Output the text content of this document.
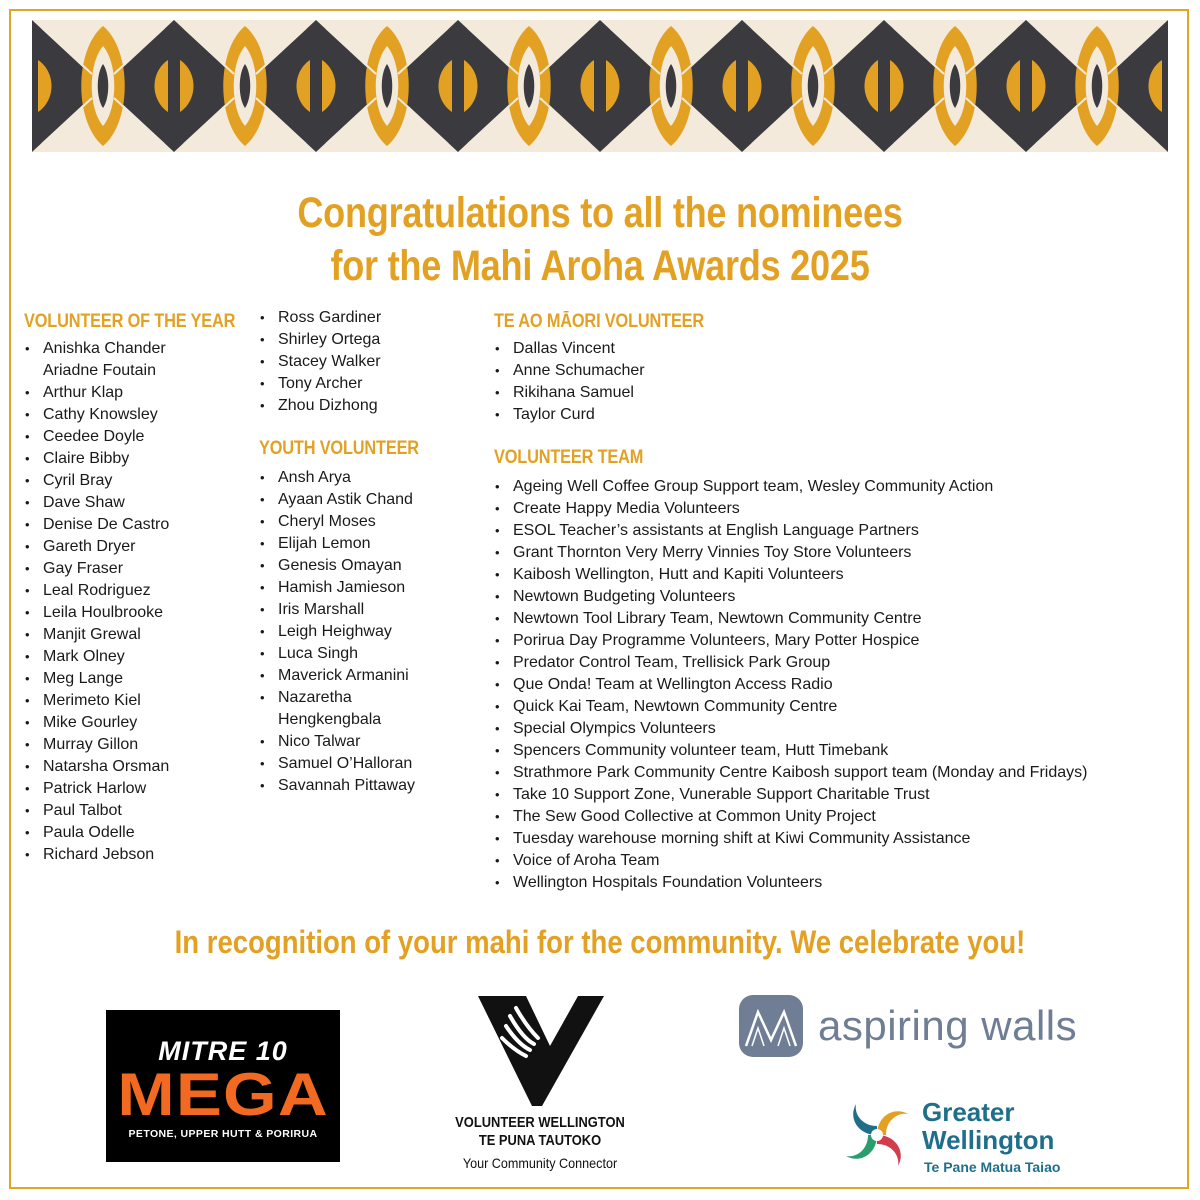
Congratulations to all the nominees
for the Mahi Aroha Awards 2025
VOLUNTEER OF THE YEAR
• Anishka Chander Ariadne Foutain
• Arthur Klap
• Cathy Knowsley
• Ceedee Doyle
• Claire Bibby
• Cyril Bray
• Dave Shaw
• Denise De Castro
• Gareth Dryer
• Gay Fraser
• Leal Rodriguez
• Leila Houlbrooke
• Manjit Grewal
• Mark Olney
• Meg Lange
• Merimeto Kiel
• Mike Gourley
• Murray Gillon
• Natarsha Orsman
• Patrick Harlow
• Paul Talbot
• Paula Odelle
• Richard Jebson
• Ross Gardiner
• Shirley Ortega
• Stacey Walker
• Tony Archer
• Zhou Dizhong
YOUTH VOLUNTEER
• Ansh Arya
• Ayaan Astik Chand
• Cheryl Moses
• Elijah Lemon
• Genesis Omayan
• Hamish Jamieson
• Iris Marshall
• Leigh Heighway
• Luca Singh
• Maverick Armanini
• Nazaretha Hengkengbala
• Nico Talwar
• Samuel O’Halloran
• Savannah Pittaway
TE AO MĀORI VOLUNTEER
• Dallas Vincent
• Anne Schumacher
• Rikihana Samuel
• Taylor Curd
VOLUNTEER TEAM
• Ageing Well Coffee Group Support team, Wesley Community Action
• Create Happy Media Volunteers
• ESOL Teacher’s assistants at English Language Partners
• Grant Thornton Very Merry Vinnies Toy Store Volunteers
• Kaibosh Wellington, Hutt and Kapiti Volunteers
• Newtown Budgeting Volunteers
• Newtown Tool Library Team, Newtown Community Centre
• Porirua Day Programme Volunteers, Mary Potter Hospice
• Predator Control Team, Trellisick Park Group
• Que Onda! Team at Wellington Access Radio
• Quick Kai Team, Newtown Community Centre
• Special Olympics Volunteers
• Spencers Community volunteer team, Hutt Timebank
• Strathmore Park Community Centre Kaibosh support team (Monday and Fridays)
• Take 10 Support Zone, Vunerable Support Charitable Trust
• The Sew Good Collective at Common Unity Project
• Tuesday warehouse morning shift at Kiwi Community Assistance
• Voice of Aroha Team
• Wellington Hospitals Foundation Volunteers
In recognition of your mahi for the community. We celebrate you!
MITRE 10
MEGA
PETONE, UPPER HUTT & PORIRUA
VOLUNTEER WELLINGTON
TE PUNA TAUTOKO
Your Community Connector
aspiring walls
Greater
Wellington
Te Pane Matua Taiao
